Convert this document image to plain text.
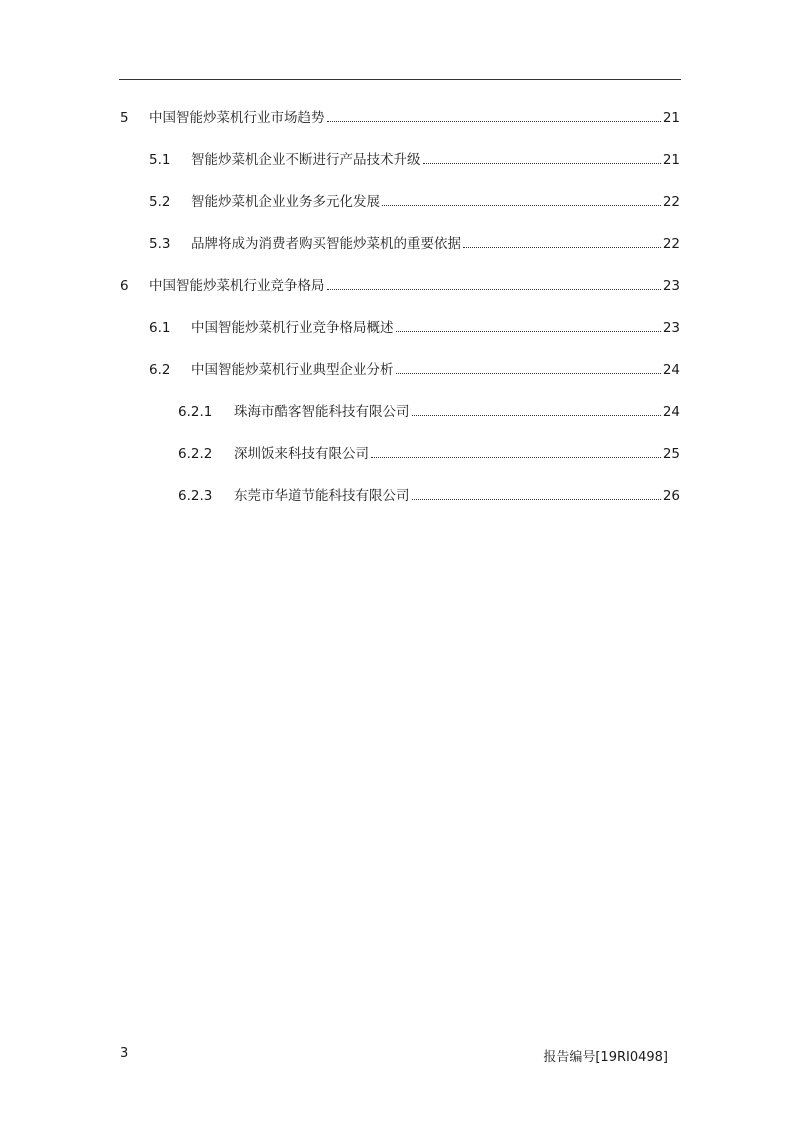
5	中国智能炒菜机行业市场趋势	21
5.1	智能炒菜机企业不断进行产品技术升级	21
5.2	智能炒菜机企业业务多元化发展	22
5.3	品牌将成为消费者购买智能炒菜机的重要依据	22
6	中国智能炒菜机行业竞争格局	23
6.1	中国智能炒菜机行业竞争格局概述	23
6.2	中国智能炒菜机行业典型企业分析	24
6.2.1	珠海市酷客智能科技有限公司	24
6.2.2	深圳饭来科技有限公司	25
6.2.3	东莞市华道节能科技有限公司	26
3	报告编号[19RI0498]
